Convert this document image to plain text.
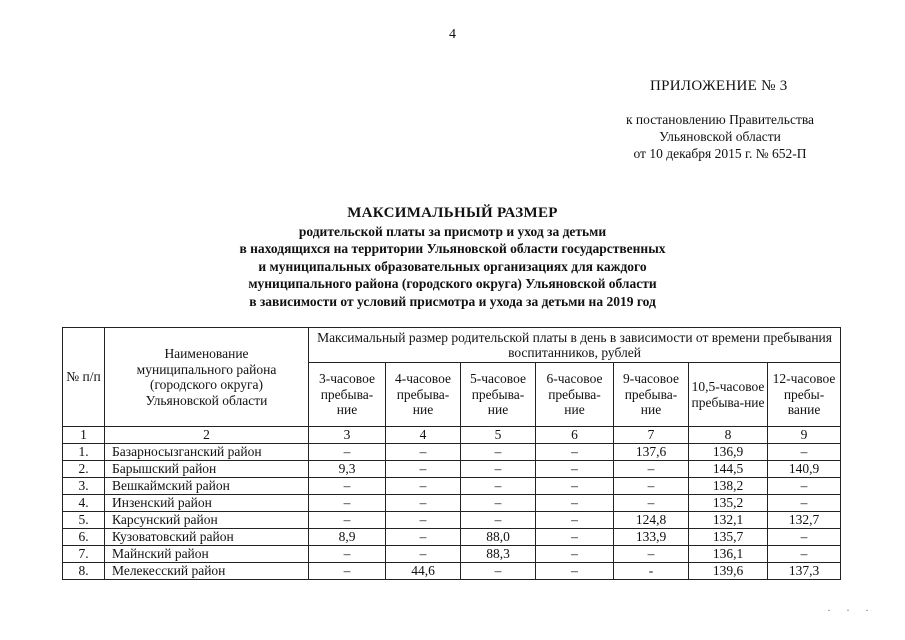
4
ПРИЛОЖЕНИЕ № 3
к постановлению Правительства
Ульяновской области
от 10 декабря 2015 г. № 652-П
МАКСИМАЛЬНЫЙ РАЗМЕР
родительской платы за присмотр и уход за детьми
в находящихся на территории Ульяновской области государственных
и муниципальных образовательных организациях для каждого
муниципального района (городского округа) Ульяновской области
в зависимости от условий присмотра и ухода за детьми на 2019 год
№ п/п	Наименование муниципального района (городского округа) Ульяновской области	Максимальный размер родительской платы в день в зависимости от времени пребывания воспитанников, рублей						
		3-часовое пребыва-ние	4-часовое пребыва-ние	5-часовое пребыва-ние	6-часовое пребыва-ние	9-часовое пребыва-ние	10,5-часовое пребыва-ние	12-часовое пребы-вание
1	2	3	4	5	6	7	8	9
1.	Базарносызганский район	–	–	–	–	137,6	136,9	–
2.	Барышский район	9,3	–	–	–	–	144,5	140,9
3.	Вешкаймский район	–	–	–	–	–	138,2	–
4.	Инзенский район	–	–	–	–	–	135,2	–
5.	Карсунский район	–	–	–	–	124,8	132,1	132,7
6.	Кузоватовский район	8,9	–	88,0	–	133,9	135,7	–
7.	Майнский район	–	–	88,3	–	–	136,1	–
8.	Мелекесский район	–	44,6	–	–	-	139,6	137,3
· · ·
